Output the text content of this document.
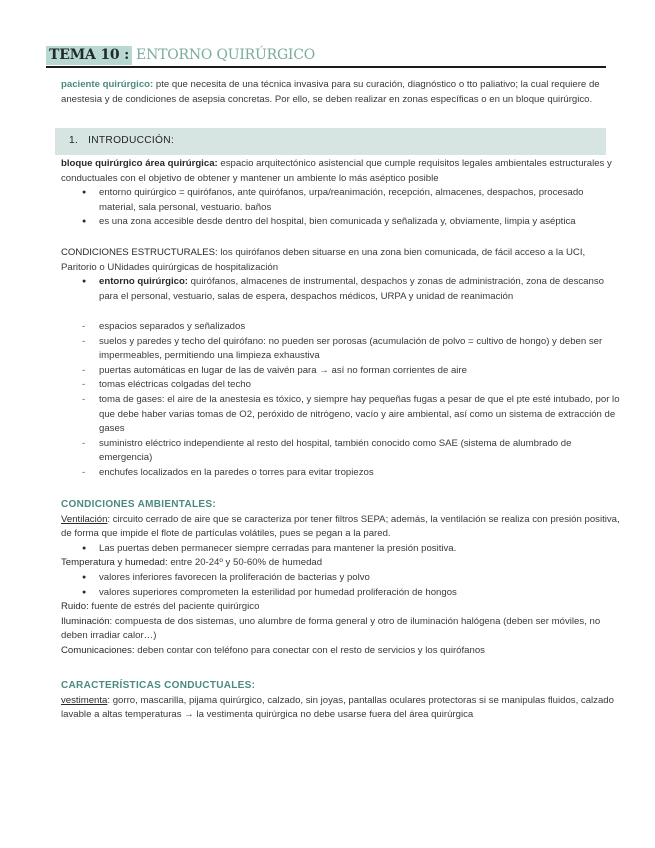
TEMA 10 : ENTORNO QUIRÚRGICO
paciente quirúrgico: pte que necesita de una técnica invasiva para su curación, diagnóstico o tto paliativo; la cual requiere de anestesia y de condiciones de asepsia concretas. Por ello, se deben realizar en zonas específicas o en un bloque quirúrgico.
1. INTRODUCCIÓN:
bloque quirúrgico área quirúrgica: espacio arquitectónico asistencial que cumple requisitos legales ambientales estructurales y conductuales con el objetivo de obtener y mantener un ambiente lo más aséptico posible
● entorno quirúrgico = quirófanos, ante quirófanos, urpa/reanimación, recepción, almacenes, despachos, procesado material, sala personal, vestuario. baños
● es una zona accesible desde dentro del hospital, bien comunicada y señalizada y, obviamente, limpia y aséptica
CONDICIONES ESTRUCTURALES: los quirófanos deben situarse en una zona bien comunicada, de fácil acceso a la UCI, Paritorio o UNidades quirúrgicas de hospitalización
● entorno quirúrgico: quirófanos, almacenes de instrumental, despachos y zonas de administración, zona de descanso para el personal, vestuario, salas de espera, despachos médicos, URPA y unidad de reanimación
- espacios separados y señalizados
- suelos y paredes y techo del quirófano: no pueden ser porosas (acumulación de polvo = cultivo de hongo) y deben ser impermeables, permitiendo una limpieza exhaustiva
- puertas automáticas en lugar de las de vaivén para → así no forman corrientes de aire
- tomas eléctricas colgadas del techo
- toma de gases: el aire de la anestesia es tóxico, y siempre hay pequeñas fugas a pesar de que el pte esté intubado, por lo que debe haber varias tomas de O2, peróxido de nitrógeno, vacío y aire ambiental, así como un sistema de extracción de gases
- suministro eléctrico independiente al resto del hospital, también conocido como SAE (sistema de alumbrado de emergencia)
- enchufes localizados en la paredes o torres para evitar tropiezos
CONDICIONES AMBIENTALES:
Ventilación: circuito cerrado de aire que se caracteriza por tener filtros SEPA; además, la ventilación se realiza con presión positiva, de forma que impide el flote de partículas volátiles, pues se pegan a la pared.
● Las puertas deben permanecer siempre cerradas para mantener la presión positiva.
Temperatura y humedad: entre 20-24º y 50-60% de humedad
● valores inferiores favorecen la proliferación de bacterias y polvo
● valores superiores comprometen la esterilidad por humedad proliferación de hongos
Ruido: fuente de estrés del paciente quirúrgico
Iluminación: compuesta de dos sistemas, uno alumbre de forma general y otro de iluminación halógena (deben ser móviles, no deben irradiar calor…)
Comunicaciones: deben contar con teléfono para conectar con el resto de servicios y los quirófanos
CARACTERÍSTICAS CONDUCTUALES:
vestimenta: gorro, mascarilla, pijama quirúrgico, calzado, sin joyas, pantallas oculares protectoras si se manipulas fluidos, calzado lavable a altas temperaturas → la vestimenta quirúrgica no debe usarse fuera del área quirúrgica
